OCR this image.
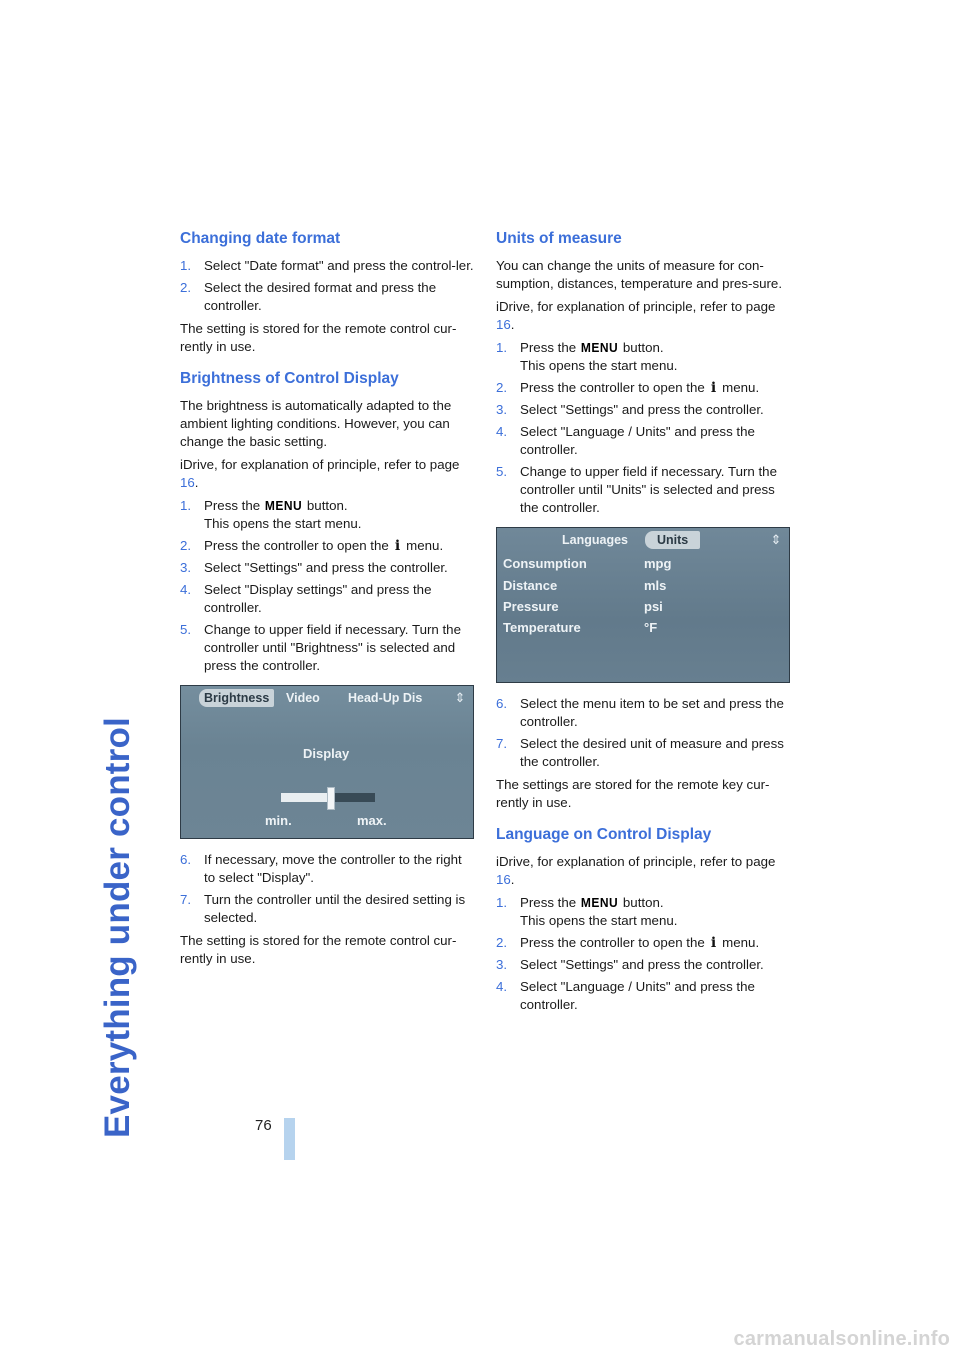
Everything under control
Changing date format
1. Select "Date format" and press the control-ler.
2. Select the desired format and press the controller.

The setting is stored for the remote control cur-rently in use.

Brightness of Control Display

The brightness is automatically adapted to the ambient lighting conditions. However, you can change the basic setting.

iDrive, for explanation of principle, refer to page 16.

1. Press the MENU button.
This opens the start menu.
2. Press the controller to open the i menu.
3. Select "Settings" and press the controller.
4. Select "Display settings" and press the controller.
5. Change to upper field if necessary. Turn the controller until "Brightness" is selected and press the controller.
Brightness	Video	Head-Up Dis	⇕
Display
min.	max.
6. If necessary, move the controller to the right to select "Display".
7. Turn the controller until the desired setting is selected.

The setting is stored for the remote control cur-rently in use.

Units of measure

You can change the units of measure for con-sumption, distances, temperature and pres-sure.

iDrive, for explanation of principle, refer to page 16.

1. Press the MENU button.
This opens the start menu.
2. Press the controller to open the i menu.
3. Select "Settings" and press the controller.
4. Select "Language / Units" and press the controller.
5. Change to upper field if necessary. Turn the controller until "Units" is selected and press the controller.
Languages	Units	⇕
Consumption	mpg
Distance	mls
Pressure	psi
Temperature	°F
6. Select the menu item to be set and press the controller.
7. Select the desired unit of measure and press the controller.

The settings are stored for the remote key cur-rently in use.

Language on Control Display

iDrive, for explanation of principle, refer to page 16.

1. Press the MENU button.
This opens the start menu.
2. Press the controller to open the i menu.
3. Select "Settings" and press the controller.
4. Select "Language / Units" and press the controller.
76
carmanualsonline.info
